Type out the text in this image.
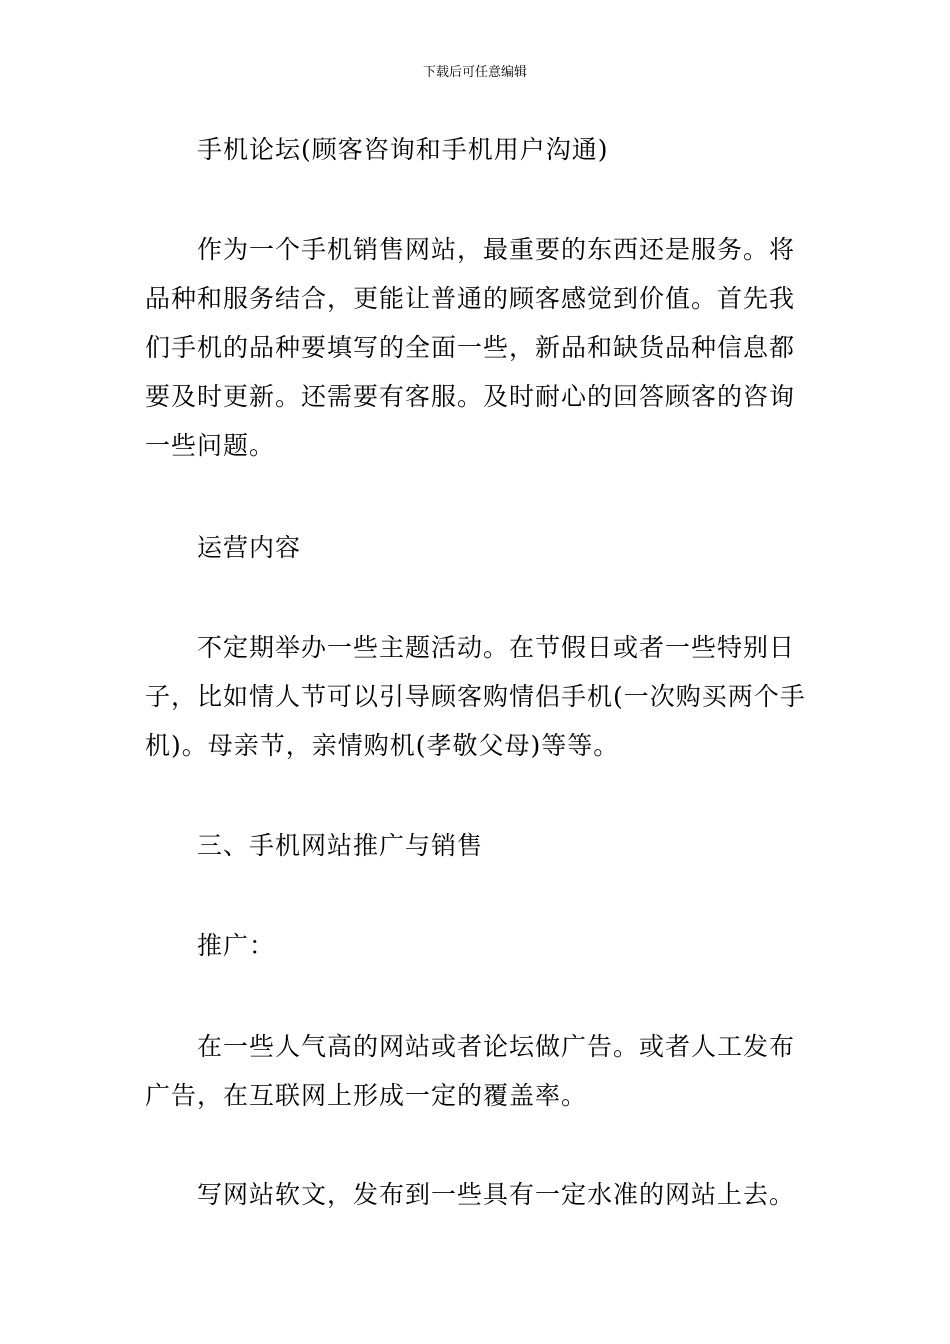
下载后可任意编辑

手机论坛(顾客咨询和手机用户沟通)

作为一个手机销售网站，最重要的东西还是服务。将品种和服务结合，更能让普通的顾客感觉到价值。首先我们手机的品种要填写的全面一些，新品和缺货品种信息都要及时更新。还需要有客服。及时耐心的回答顾客的咨询一些问题。

运营内容

不定期举办一些主题活动。在节假日或者一些特别日子，比如情人节可以引导顾客购情侣手机(一次购买两个手机)。母亲节，亲情购机(孝敬父母)等等。

三、手机网站推广与销售

推广：

在一些人气高的网站或者论坛做广告。或者人工发布广告，在互联网上形成一定的覆盖率。

写网站软文，发布到一些具有一定水准的网站上去。
